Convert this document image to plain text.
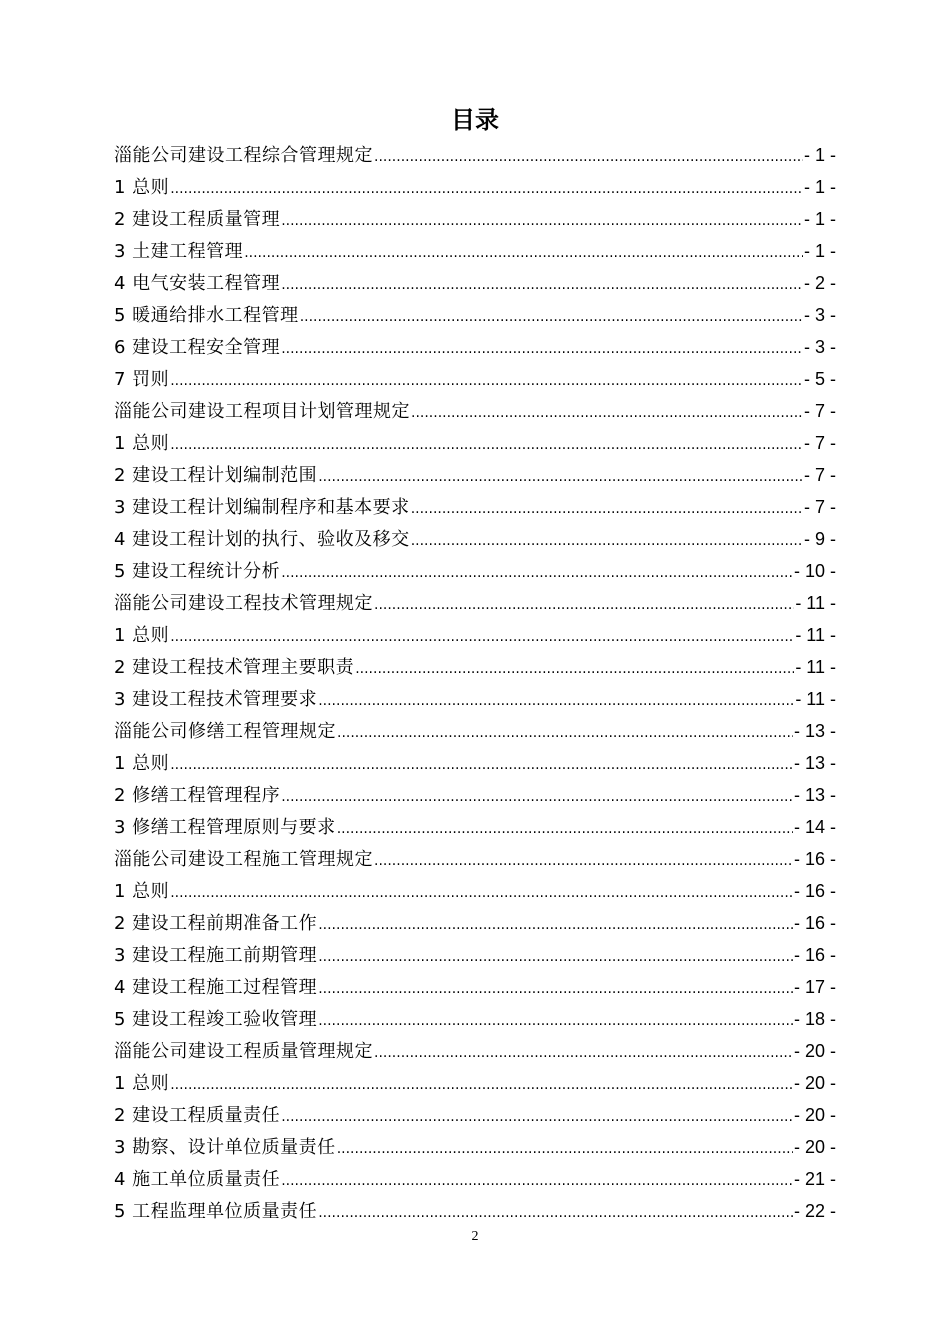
目录
淄能公司建设工程综合管理规定 .....	- 1 -
1 总则 .....	- 1 -
2 建设工程质量管理 .....	- 1 -
3 土建工程管理 .....	- 1 -
4 电气安装工程管理 .....	- 2 -
5 暖通给排水工程管理 .....	- 3 -
6 建设工程安全管理 .....	- 3 -
7 罚则 .....	- 5 -
淄能公司建设工程项目计划管理规定 .....	- 7 -
1 总则 .....	- 7 -
2 建设工程计划编制范围 .....	- 7 -
3 建设工程计划编制程序和基本要求 .....	- 7 -
4 建设工程计划的执行、验收及移交 .....	- 9 -
5 建设工程统计分析 .....	- 10 -
淄能公司建设工程技术管理规定 .....	- 11 -
1 总则 .....	- 11 -
2 建设工程技术管理主要职责 .....	- 11 -
3 建设工程技术管理要求 .....	- 11 -
淄能公司修缮工程管理规定 .....	- 13 -
1 总则 .....	- 13 -
2 修缮工程管理程序 .....	- 13 -
3 修缮工程管理原则与要求 .....	- 14 -
淄能公司建设工程施工管理规定 .....	- 16 -
1 总则 .....	- 16 -
2 建设工程前期准备工作 .....	- 16 -
3 建设工程施工前期管理 .....	- 16 -
4 建设工程施工过程管理 .....	- 17 -
5 建设工程竣工验收管理 .....	- 18 -
淄能公司建设工程质量管理规定 .....	- 20 -
1 总则 .....	- 20 -
2 建设工程质量责任 .....	- 20 -
3 勘察、设计单位质量责任 .....	- 20 -
4 施工单位质量责任 .....	- 21 -
5 工程监理单位质量责任 .....	- 22 -
2
